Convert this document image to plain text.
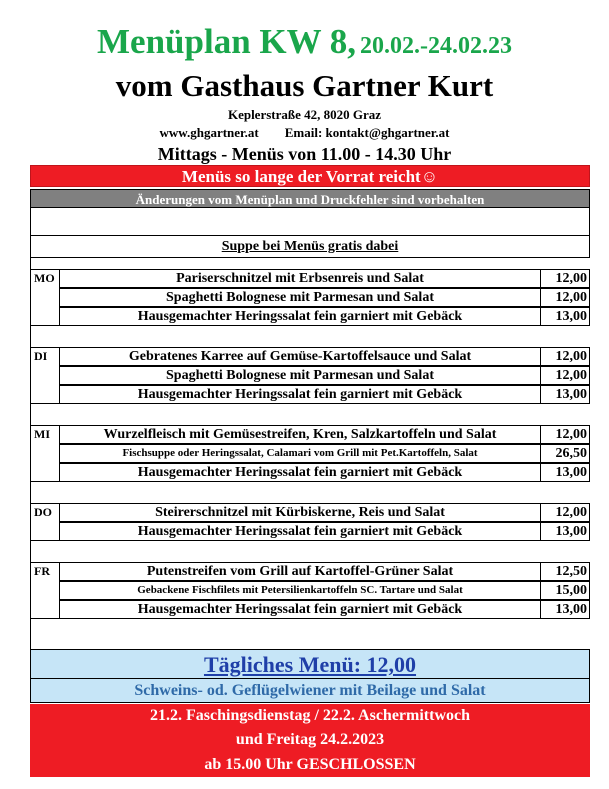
Menüplan KW 8, 20.02.-24.02.23
vom Gasthaus Gartner Kurt
Keplerstraße 42, 8020 Graz
www.ghgartner.at Email: kontakt@ghgartner.at
Mittags - Menüs von 11.00 - 14.30 Uhr
Menüs so lange der Vorrat reicht☺
Änderungen vom Menüplan und Druckfehler sind vorbehalten
Suppe bei Menüs gratis dabei
MO	Pariserschnitzel mit Erbsenreis und Salat	12,00
Spaghetti Bolognese mit Parmesan und Salat	12,00
Hausgemachter Heringssalat fein garniert mit Gebäck	13,00
DI	Gebratenes Karree auf Gemüse-Kartoffelsauce und Salat	12,00
Spaghetti Bolognese mit Parmesan und Salat	12,00
Hausgemachter Heringssalat fein garniert mit Gebäck	13,00
MI	Wurzelfleisch mit Gemüsestreifen, Kren, Salzkartoffeln und Salat	12,00
Fischsuppe oder Heringssalat, Calamari vom Grill mit Pet.Kartoffeln, Salat	26,50
Hausgemachter Heringssalat fein garniert mit Gebäck	13,00
DO	Steirerschnitzel mit Kürbiskerne, Reis und Salat	12,00
Hausgemachter Heringssalat fein garniert mit Gebäck	13,00
FR	Putenstreifen vom Grill auf Kartoffel-Grüner Salat	12,50
Gebackene Fischfilets mit Petersilienkartoffeln SC. Tartare und Salat	15,00
Hausgemachter Heringssalat fein garniert mit Gebäck	13,00
Tägliches Menü: 12,00
Schweins- od. Geflügelwiener mit Beilage und Salat
21.2. Faschingsdienstag / 22.2. Aschermittwoch
und Freitag 24.2.2023
ab 15.00 Uhr GESCHLOSSEN
